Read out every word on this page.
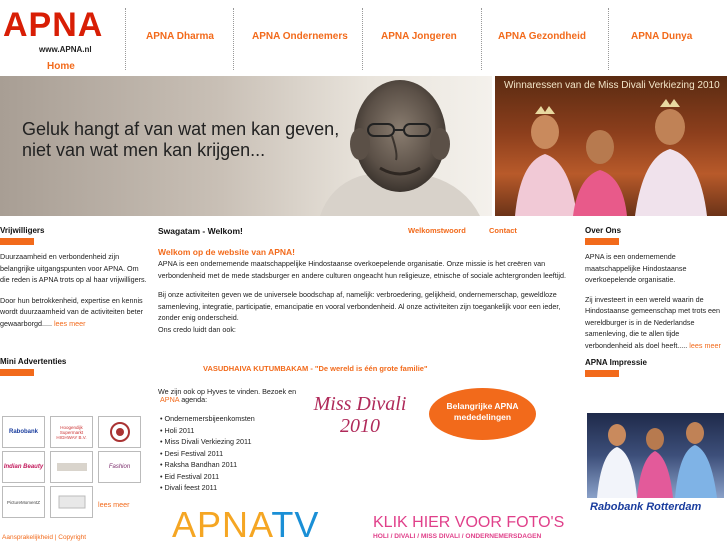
APNA
www.APNA.nl
Home
APNA Dharma	APNA Ondernemers	APNA Jongeren	APNA Gezondheid	APNA Dunya
Geluk hangt af van wat men kan geven,
niet van wat men kan krijgen...
Winnaressen van de Miss Divali Verkiezing 2010
Vrijwilligers
Duurzaamheid en verbondenheid zijn belangrijke uitgangspunten voor APNA. Om die reden is APNA trots op al haar vrijwilligers.
Door hun betrokkenheid, expertise en kennis wordt duurzaamheid van de activiteiten beter gewaarborgd..... lees meer
Mini Advertenties
Rabobank
Hoogendijk Supermarkt HIGHWAY B.V.
Indian Beauty	Fashion
PictureMomentZ	lees meer
Aansprakelijkheid | Copyright
Swagatam - Welkom!	Welkomstwoord	Contact
Welkom op de website van APNA!
APNA is een ondernemende maatschappelijke Hindostaanse overkoepelende organisatie. Onze missie is het creëren van verbondenheid met de mede stadsburger en andere culturen ongeacht hun religieuze, etnische of sociale achtergronden leeftijd.
Bij onze activiteiten geven we de universele boodschap af, namelijk: verbroedering, gelijkheid, ondernemerschap, geweldloze samenleving, integratie, participatie, emancipatie en vooral verbondenheid. Al onze activiteiten zijn toegankelijk voor een ieder, zonder enig onderscheid.
Ons credo luidt dan ook:
VASUDHAIVA KUTUMBAKAM - "De wereld is één grote familie"
We zijn ook op Hyves te vinden. Bezoek en
APNA agenda:
• Ondernemersbijeenkomsten
• Holi 2011
• Miss Divali Verkiezing 2011
• Desi Festival 2011
• Raksha Bandhan 2011
• Eid Festival 2011
• Divali feest 2011
Miss Divali
2010
Belangrijke APNA
mededelingen
APNATV	KLIK HIER VOOR FOTO'S
HOLI / DIVALI / MISS DIVALI / ONDERNEMERSDAGEN
Over Ons
APNA is een ondernemende maatschappelijke Hindostaanse overkoepelende organisatie.
Zij investeert in een wereld waarin de Hindostaanse gemeenschap met trots een wereldburger is in de Nederlandse samenleving, die te allen tijde verbondenheid als doel heeft..... lees meer
APNA Impressie
Rabobank Rotterdam
